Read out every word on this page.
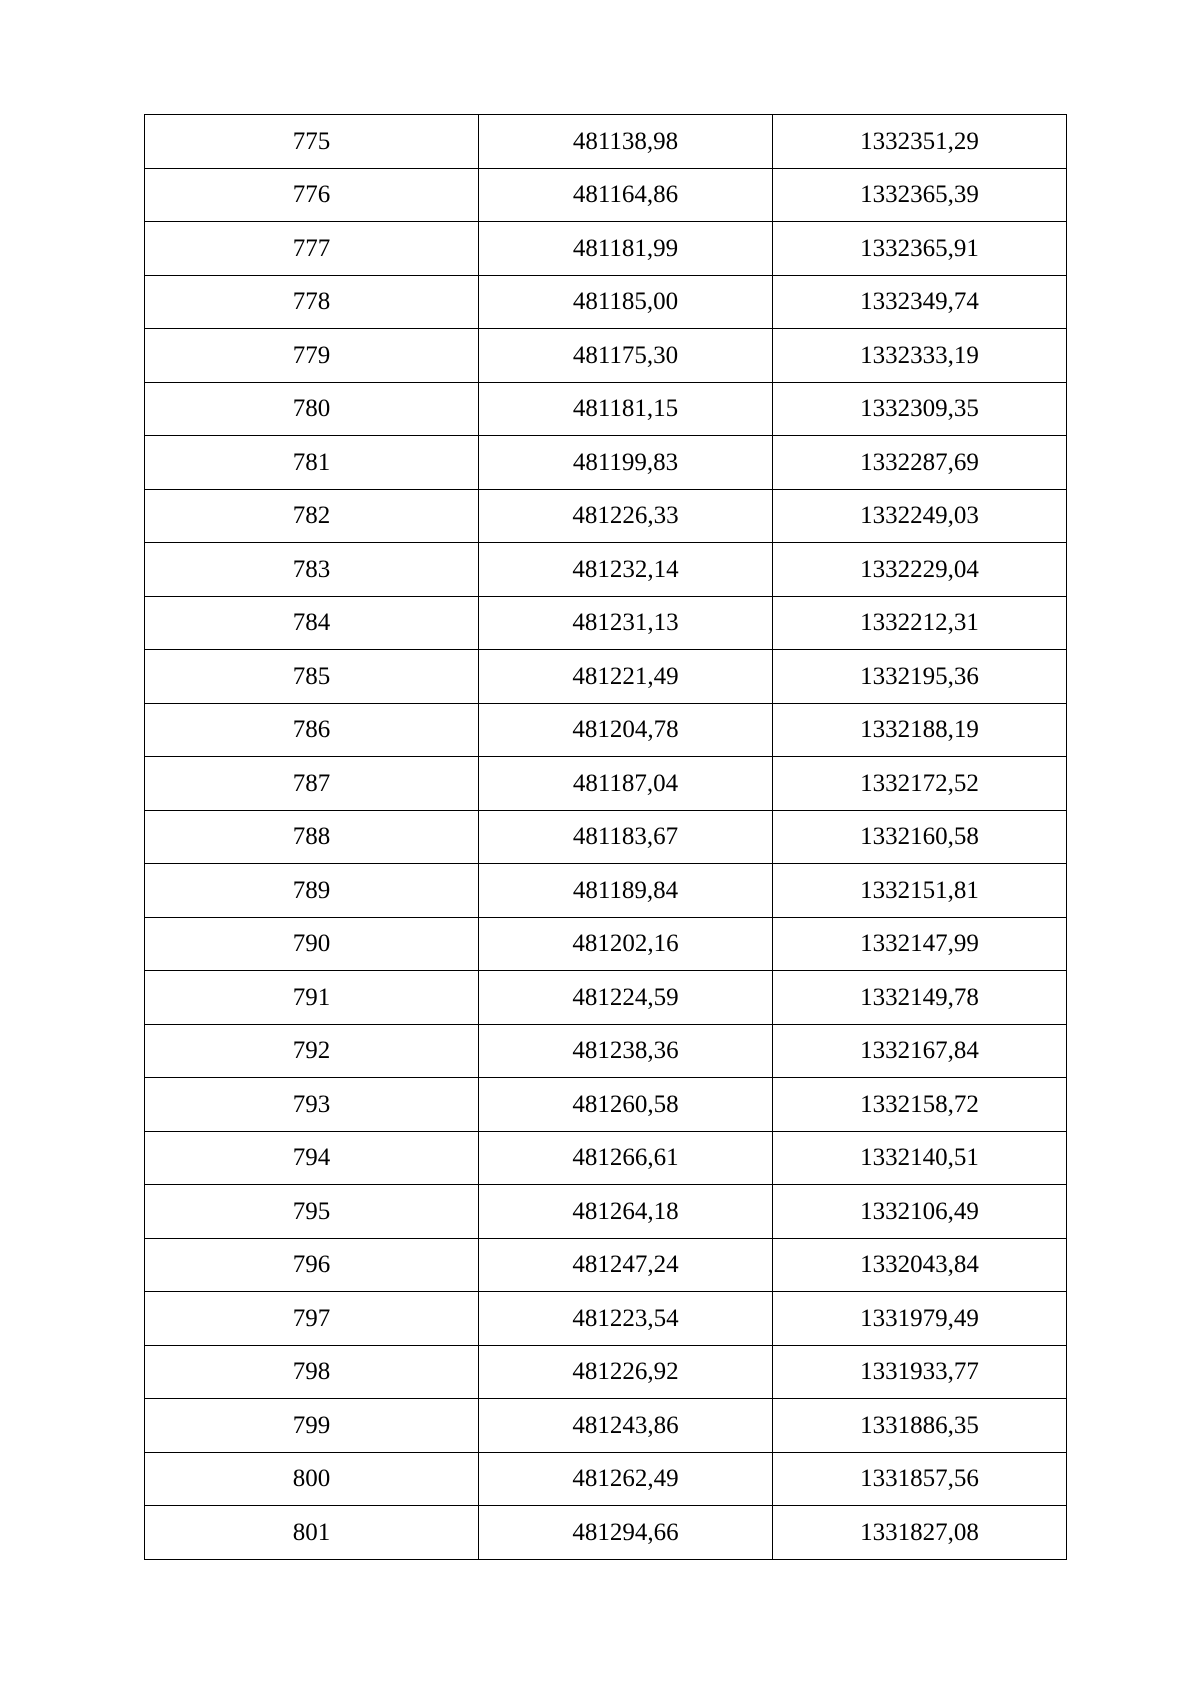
775	481138,98	1332351,29
776	481164,86	1332365,39
777	481181,99	1332365,91
778	481185,00	1332349,74
779	481175,30	1332333,19
780	481181,15	1332309,35
781	481199,83	1332287,69
782	481226,33	1332249,03
783	481232,14	1332229,04
784	481231,13	1332212,31
785	481221,49	1332195,36
786	481204,78	1332188,19
787	481187,04	1332172,52
788	481183,67	1332160,58
789	481189,84	1332151,81
790	481202,16	1332147,99
791	481224,59	1332149,78
792	481238,36	1332167,84
793	481260,58	1332158,72
794	481266,61	1332140,51
795	481264,18	1332106,49
796	481247,24	1332043,84
797	481223,54	1331979,49
798	481226,92	1331933,77
799	481243,86	1331886,35
800	481262,49	1331857,56
801	481294,66	1331827,08
